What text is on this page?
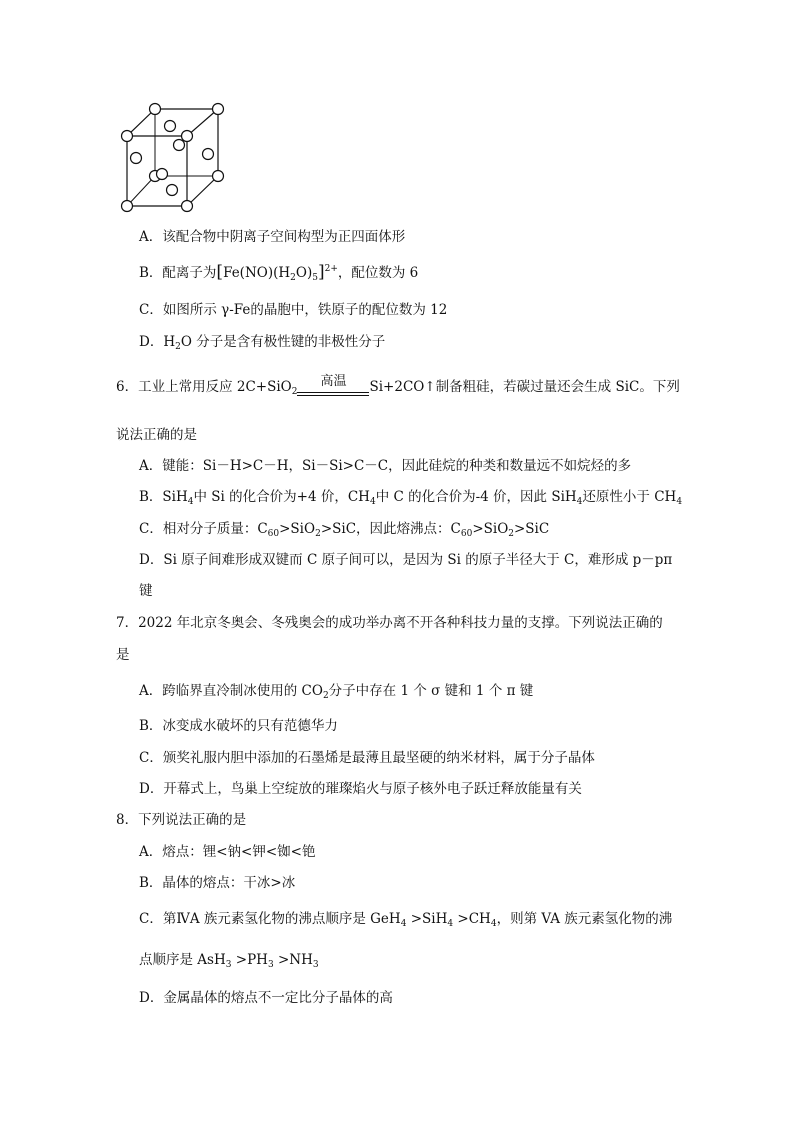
A．该配合物中阴离子空间构型为正四面体形
B．配离子为$[Fe(NO)(H_2O)_5]^{2+}$，配位数为 6
C．如图所示 γ-Fe的晶胞中，铁原子的配位数为 12
D．$H_2O$ 分子是含有极性键的非极性分子
6．工业上常用反应 2C+SiO$_2$
高温	Si+2CO↑制备粗硅，若碳过量还会生成 SiC。下列
说法正确的是
A．键能：Si－H>C－H，Si－Si>C－C，因此硅烷的种类和数量远不如烷烃的多
B．SiH$_4$中 Si 的化合价为+4 价，$CH_4$中 C 的化合价为-4 价，因此 SiH$_4$还原性小于 $CH_4$
C．相对分子质量：$C_{60}>SiO_2>SiC$，因此熔沸点：$C_{60}>SiO_2>SiC$
D．Si 原子间难形成双键而 C 原子间可以，是因为 Si 的原子半径大于 C，难形成 p－pπ
键
7．2022 年北京冬奥会、冬残奥会的成功举办离不开各种科技力量的支撑。下列说法正确的
是
A．跨临界直冷制冰使用的 $CO_2$分子中存在 1 个 σ 键和 1 个 π 键
B．冰变成水破坏的只有范德华力
C．颁奖礼服内胆中添加的石墨烯是最薄且最坚硬的纳米材料，属于分子晶体
D．开幕式上，鸟巢上空绽放的璀璨焰火与原子核外电子跃迁释放能量有关
8．下列说法正确的是
A．熔点：锂<钠<钾<铷<铯
B．晶体的熔点：干冰>冰
C．第ⅣA 族元素氢化物的沸点顺序是 $GeH_4 >SiH_4 >CH_4$，则第 VA 族元素氢化物的沸
点顺序是 $AsH_3 >PH_3 >NH_3$
D．金属晶体的熔点不一定比分子晶体的高
